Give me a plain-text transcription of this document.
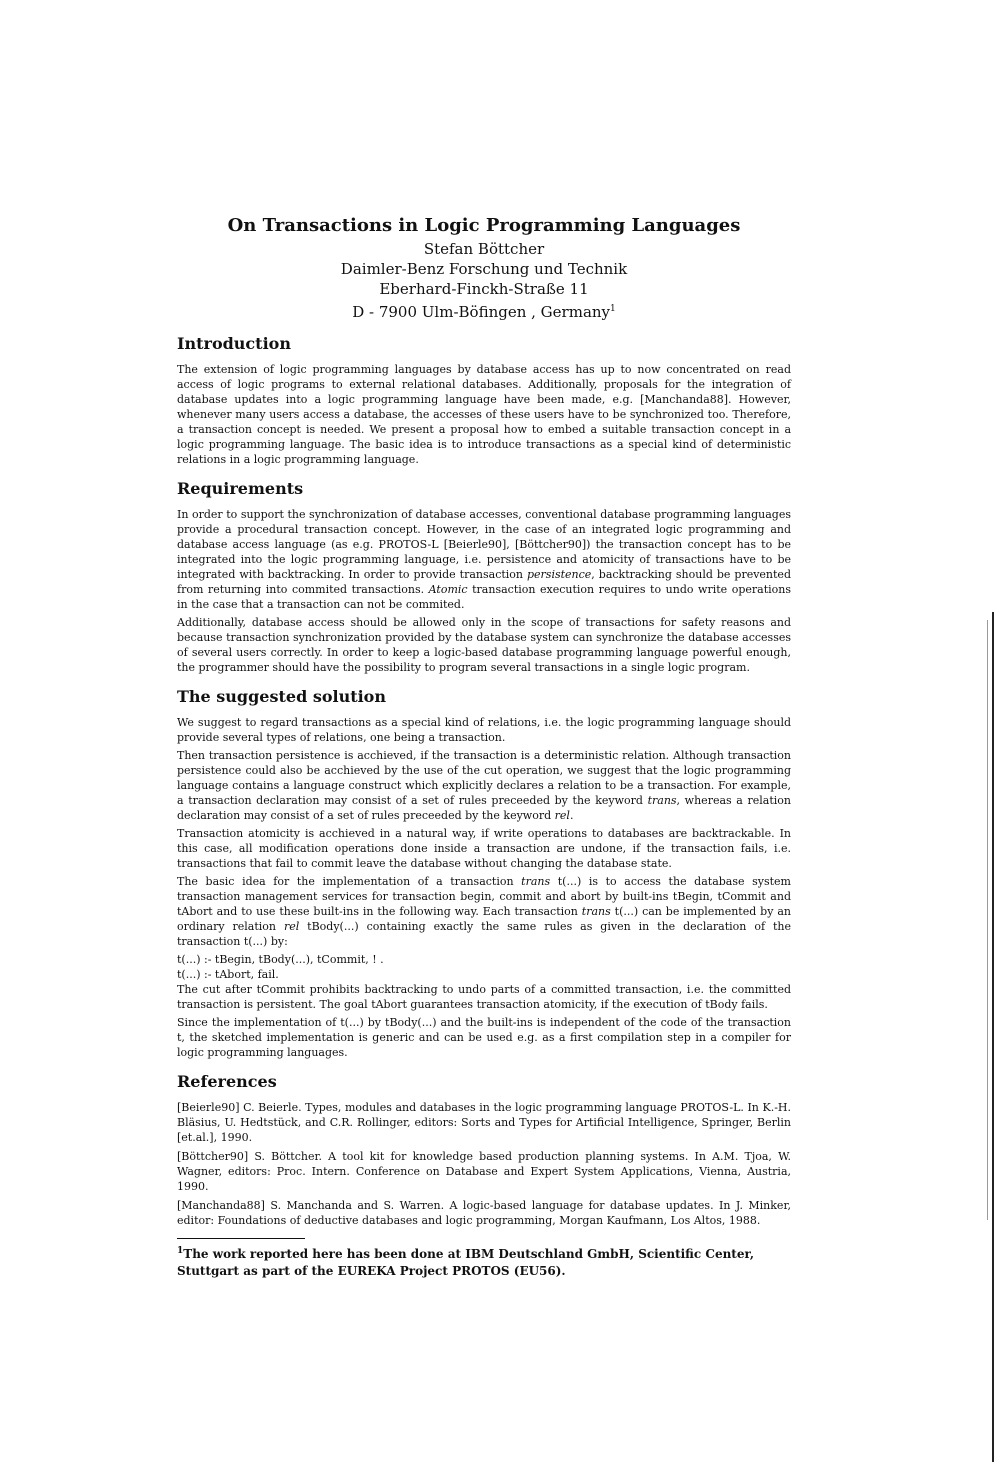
On Transactions in Logic Programming Languages
Stefan Böttcher
Daimler-Benz Forschung und Technik
Eberhard-Finckh-Straße 11
D - 7900 Ulm-Böfingen , Germany$^1$
Introduction

The extension of logic programming languages by database access has up to now concentrated on read access of logic programs to external relational databases. Additionally, proposals for the integration of database updates into a logic programming language have been made, e.g. [Manchanda88]. However, whenever many users access a database, the accesses of these users have to be synchronized too. Therefore, a transaction concept is needed. We present a proposal how to embed a suitable transaction concept in a logic programming language. The basic idea is to introduce transactions as a special kind of deterministic relations in a logic programming language.

Requirements

In order to support the synchronization of database accesses, conventional database programming languages provide a procedural transaction concept. However, in the case of an integrated logic programming and database access language (as e.g. PROTOS-L [Beierle90], [Böttcher90]) the transaction concept has to be integrated into the logic programming language, i.e. persistence and atomicity of transactions have to be integrated with backtracking. In order to provide transaction persistence, backtracking should be prevented from returning into commited transactions. Atomic transaction execution requires to undo write operations in the case that a transaction can not be commited.

Additionally, database access should be allowed only in the scope of transactions for safety reasons and because transaction synchronization provided by the database system can synchronize the database accesses of several users correctly. In order to keep a logic-based database programming language powerful enough, the programmer should have the possibility to program several transactions in a single logic program.

The suggested solution

We suggest to regard transactions as a special kind of relations, i.e. the logic programming language should provide several types of relations, one being a transaction.

Then transaction persistence is acchieved, if the transaction is a deterministic relation. Although transaction persistence could also be acchieved by the use of the cut operation, we suggest that the logic programming language contains a language construct which explicitly declares a relation to be a transaction. For example, a transaction declaration may consist of a set of rules preceeded by the keyword trans, whereas a relation declaration may consist of a set of rules preceeded by the keyword rel.

Transaction atomicity is acchieved in a natural way, if write operations to databases are backtrackable. In this case, all modification operations done inside a transaction are undone, if the transaction fails, i.e. transactions that fail to commit leave the database without changing the database state.

The basic idea for the implementation of a transaction trans t(...) is to access the database system transaction management services for transaction begin, commit and abort by built-ins tBegin, tCommit and tAbort and to use these built-ins in the following way. Each transaction trans t(...) can be implemented by an ordinary relation rel tBody(...) containing exactly the same rules as given in the declaration of the transaction t(...) by:

t(...) :- tBegin, tBody(...), tCommit, ! .

t(...) :- tAbort, fail.

The cut after tCommit prohibits backtracking to undo parts of a committed transaction, i.e. the committed transaction is persistent. The goal tAbort guarantees transaction atomicity, if the execution of tBody fails.

Since the implementation of t(...) by tBody(...) and the built-ins is independent of the code of the transaction t, the sketched implementation is generic and can be used e.g. as a first compilation step in a compiler for logic programming languages.

References

[Beierle90] C. Beierle. Types, modules and databases in the logic programming language PROTOS-L. In K.-H. Bläsius, U. Hedtstück, and C.R. Rollinger, editors: Sorts and Types for Artificial Intelligence, Springer, Berlin [et.al.], 1990.

[Böttcher90] S. Böttcher. A tool kit for knowledge based production planning systems. In A.M. Tjoa, W. Wagner, editors: Proc. Intern. Conference on Database and Expert System Applications, Vienna, Austria, 1990.

[Manchanda88] S. Manchanda and S. Warren. A logic-based language for database updates. In J. Minker, editor: Foundations of deductive databases and logic programming, Morgan Kaufmann, Los Altos, 1988.

$^1$The work reported here has been done at IBM Deutschland GmbH, Scientific Center, Stuttgart as part of the EUREKA Project PROTOS (EU56).
